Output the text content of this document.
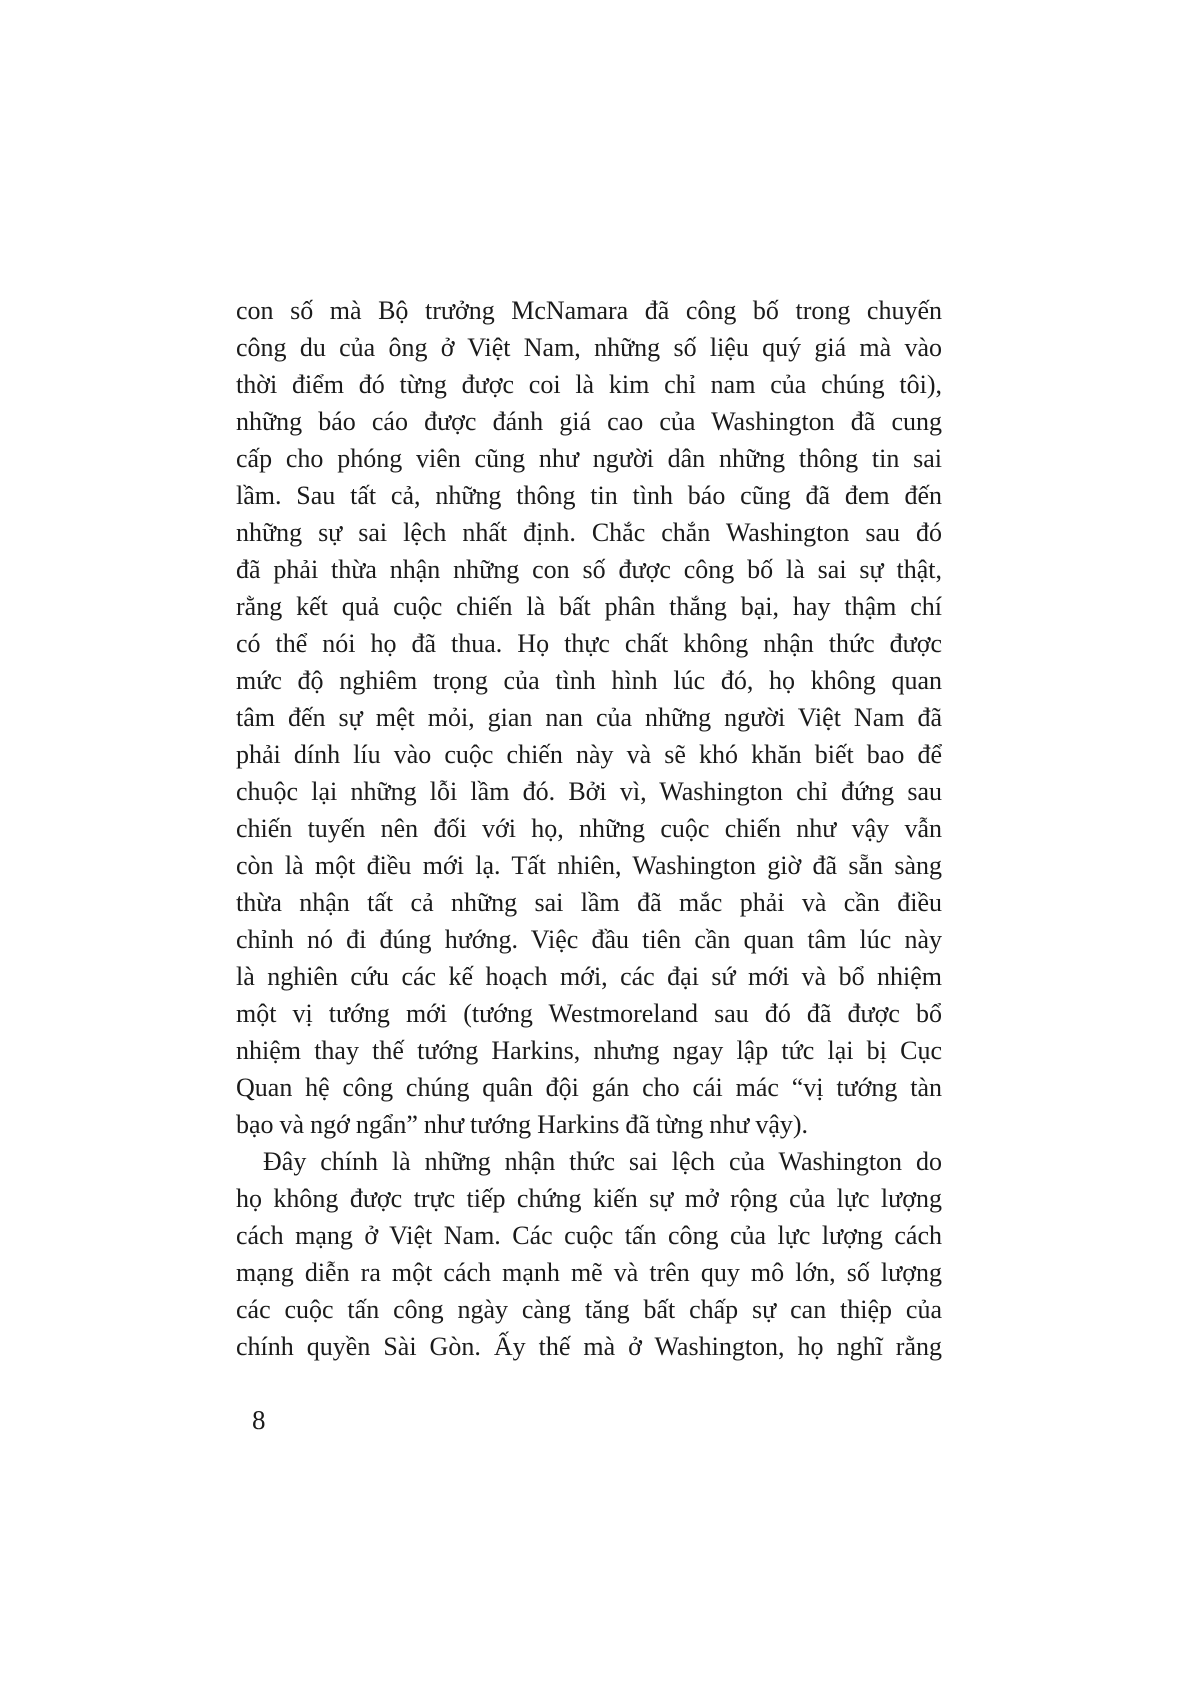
con số mà Bộ trưởng McNamara đã công bố trong chuyến
công du của ông ở Việt Nam, những số liệu quý giá mà vào
thời điểm đó từng được coi là kim chỉ nam của chúng tôi),
những báo cáo được đánh giá cao của Washington đã cung
cấp cho phóng viên cũng như người dân những thông tin sai
lầm. Sau tất cả, những thông tin tình báo cũng đã đem đến
những sự sai lệch nhất định. Chắc chắn Washington sau đó
đã phải thừa nhận những con số được công bố là sai sự thật,
rằng kết quả cuộc chiến là bất phân thắng bại, hay thậm chí
có thể nói họ đã thua. Họ thực chất không nhận thức được
mức độ nghiêm trọng của tình hình lúc đó, họ không quan
tâm đến sự mệt mỏi, gian nan của những người Việt Nam đã
phải dính líu vào cuộc chiến này và sẽ khó khăn biết bao để
chuộc lại những lỗi lầm đó. Bởi vì, Washington chỉ đứng sau
chiến tuyến nên đối với họ, những cuộc chiến như vậy vẫn
còn là một điều mới lạ. Tất nhiên, Washington giờ đã sẵn sàng
thừa nhận tất cả những sai lầm đã mắc phải và cần điều
chỉnh nó đi đúng hướng. Việc đầu tiên cần quan tâm lúc này
là nghiên cứu các kế hoạch mới, các đại sứ mới và bổ nhiệm
một vị tướng mới (tướng Westmoreland sau đó đã được bổ
nhiệm thay thế tướng Harkins, nhưng ngay lập tức lại bị Cục
Quan hệ công chúng quân đội gán cho cái mác “vị tướng tàn
bạo và ngớ ngẩn” như tướng Harkins đã từng như vậy).
Đây chính là những nhận thức sai lệch của Washington do
họ không được trực tiếp chứng kiến sự mở rộng của lực lượng
cách mạng ở Việt Nam. Các cuộc tấn công của lực lượng cách
mạng diễn ra một cách mạnh mẽ và trên quy mô lớn, số lượng
các cuộc tấn công ngày càng tăng bất chấp sự can thiệp của
chính quyền Sài Gòn. Ấy thế mà ở Washington, họ nghĩ rằng
8
